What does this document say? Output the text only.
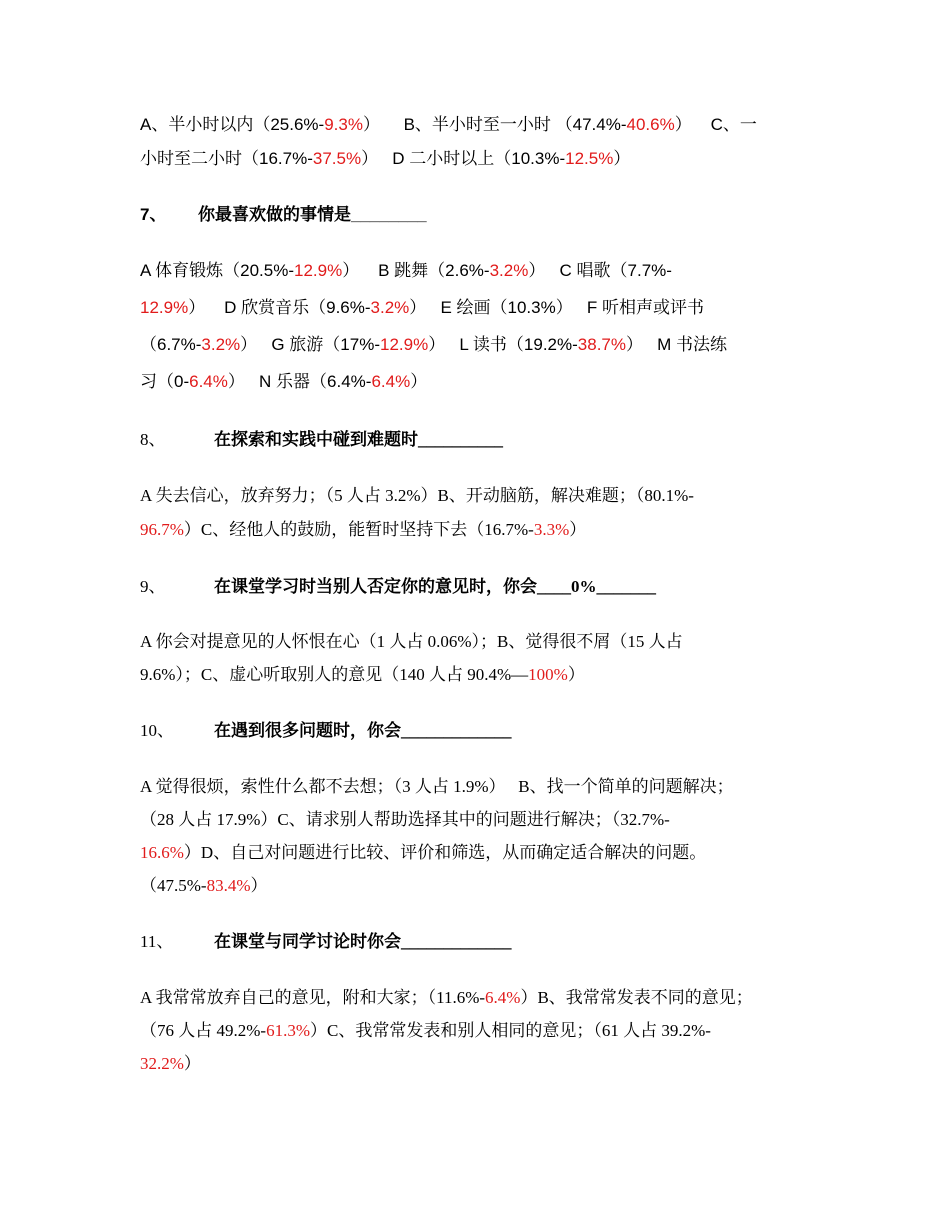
A、半小时以内（25.6%-9.3%） B、半小时至一小时 （47.4%-40.6%） C、一
小时至二小时（16.7%-37.5%） D 二小时以上（10.3%-12.5%）
7、 你最喜欢做的事情是________
A 体育锻炼（20.5%-12.9%） B 跳舞（2.6%-3.2%） C 唱歌（7.7%-
12.9%） D 欣赏音乐（9.6%-3.2%） E 绘画（10.3%） F 听相声或评书
（6.7%-3.2%） G 旅游（17%-12.9%） L 读书（19.2%-38.7%） M 书法练
习（0-6.4%） N 乐器（6.4%-6.4%）
8、	在探索和实践中碰到难题时__________
A 失去信心，放弃努力；（5 人占 3.2%）B、开动脑筋，解决难题；（80.1%-
96.7%）C、经他人的鼓励，能暂时坚持下去（16.7%-3.3%）
9、	在课堂学习时当别人否定你的意见时，你会____0%_______
A 你会对提意见的人怀恨在心（1 人占 0.06%）；B、觉得很不屑（15 人占
9.6%）；C、虚心听取别人的意见（140 人占 90.4%—100%）
10、 在遇到很多问题时，你会_____________
A 觉得很烦，索性什么都不去想；（3 人占 1.9%）　 B、找一个简单的问题解决；
（28 人占 17.9%）C、请求别人帮助选择其中的问题进行解决；（32.7%-
16.6%）D、自己对问题进行比较、评价和筛选，从而确定适合解决的问题。
（47.5%-83.4%）
11、 在课堂与同学讨论时你会_____________
A 我常常放弃自己的意见，附和大家；（11.6%-6.4%）B、我常常发表不同的意见；
（76 人占 49.2%-61.3%）C、我常常发表和别人相同的意见；（61 人占 39.2%-
32.2%）
